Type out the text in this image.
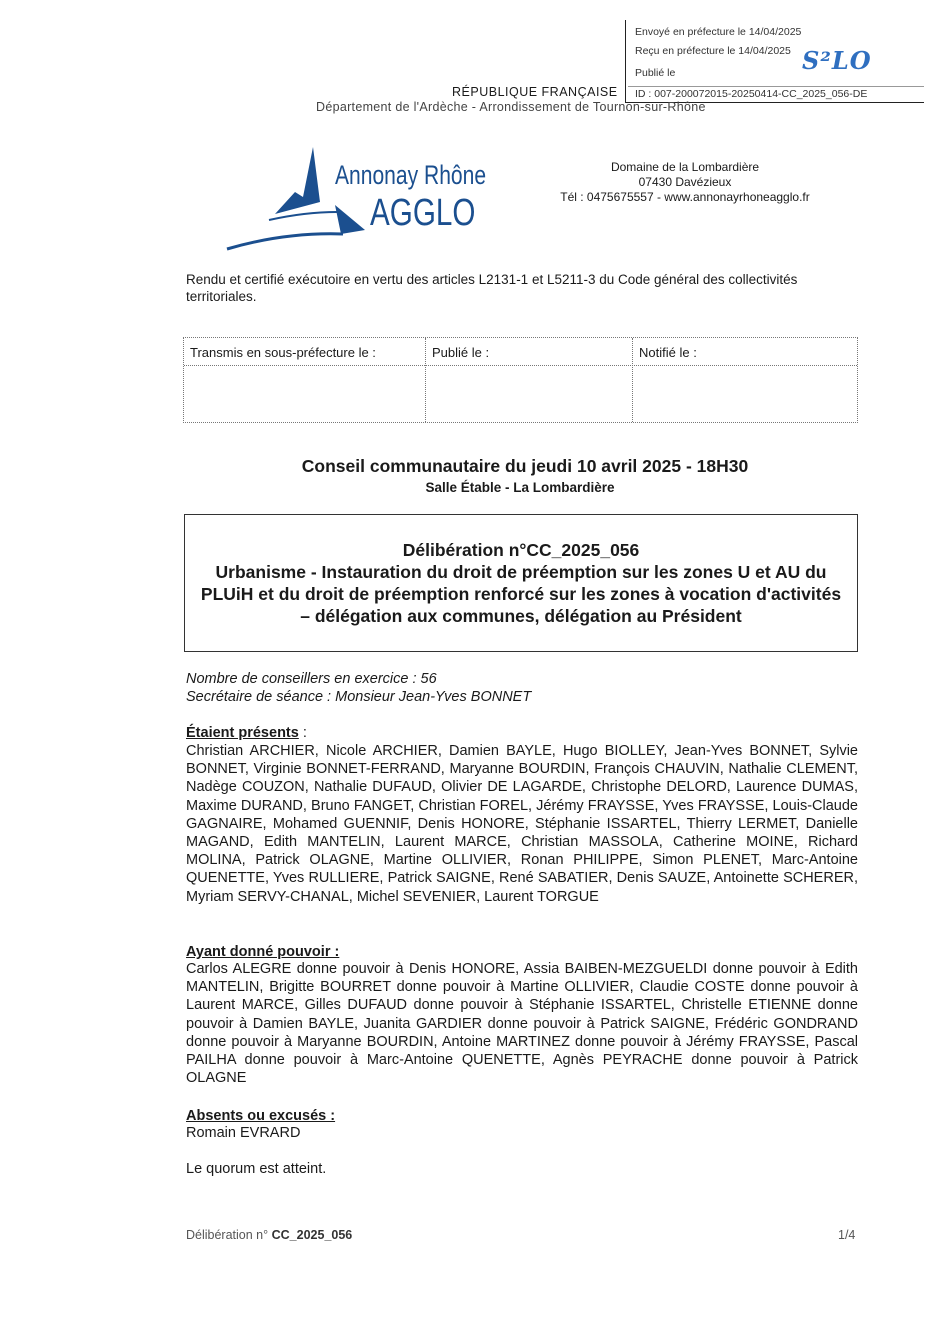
Envoyé en préfecture le 14/04/2025
Reçu en préfecture le 14/04/2025
Publié le
ID : 007-200072015-20250414-CC_2025_056-DE
S²LO
RÉPUBLIQUE FRANÇAISE
Département de l'Ardèche - Arrondissement de Tournon-sur-Rhône
Annonay Rhône
AGGLO
Domaine de la Lombardière
07430 Davézieux
Tél : 0475675557 - www.annonayrhoneagglo.fr
Rendu et certifié exécutoire en vertu des articles L2131-1 et L5211-3 du Code général des collectivités territoriales.
Transmis en sous-préfecture le :	Publié le :	Notifié le :
Conseil communautaire du jeudi 10 avril 2025 - 18H30
Salle Étable - La Lombardière
Délibération n°CC_2025_056
Urbanisme - Instauration du droit de préemption sur les zones U et AU du PLUiH et du droit de préemption renforcé sur les zones à vocation d'activités – délégation aux communes, délégation au Président
Nombre de conseillers en exercice : 56
Secrétaire de séance : Monsieur Jean-Yves BONNET
Étaient présents :
Christian ARCHIER, Nicole ARCHIER, Damien BAYLE, Hugo BIOLLEY, Jean-Yves BONNET, Sylvie BONNET, Virginie BONNET-FERRAND, Maryanne BOURDIN, François CHAUVIN, Nathalie CLEMENT, Nadège COUZON, Nathalie DUFAUD, Olivier DE LAGARDE, Christophe DELORD, Laurence DUMAS, Maxime DURAND, Bruno FANGET, Christian FOREL, Jérémy FRAYSSE, Yves FRAYSSE, Louis-Claude GAGNAIRE, Mohamed GUENNIF, Denis HONORE, Stéphanie ISSARTEL, Thierry LERMET, Danielle MAGAND, Edith MANTELIN, Laurent MARCE, Christian MASSOLA, Catherine MOINE, Richard MOLINA, Patrick OLAGNE, Martine OLLIVIER, Ronan PHILIPPE, Simon PLENET, Marc-Antoine QUENETTE, Yves RULLIERE, Patrick SAIGNE, René SABATIER, Denis SAUZE, Antoinette SCHERER, Myriam SERVY-CHANAL, Michel SEVENIER, Laurent TORGUE
Ayant donné pouvoir :
Carlos ALEGRE donne pouvoir à Denis HONORE, Assia BAIBEN-MEZGUELDI donne pouvoir à Edith MANTELIN, Brigitte BOURRET donne pouvoir à Martine OLLIVIER, Claudie COSTE donne pouvoir à Laurent MARCE, Gilles DUFAUD donne pouvoir à Stéphanie ISSARTEL, Christelle ETIENNE donne pouvoir à Damien BAYLE, Juanita GARDIER donne pouvoir à Patrick SAIGNE, Frédéric GONDRAND donne pouvoir à Maryanne BOURDIN, Antoine MARTINEZ donne pouvoir à Jérémy FRAYSSE, Pascal PAILHA donne pouvoir à Marc-Antoine QUENETTE, Agnès PEYRACHE donne pouvoir à Patrick OLAGNE
Absents ou excusés :
Romain EVRARD
Le quorum est atteint.
Délibération n° CC_2025_056	1/4
